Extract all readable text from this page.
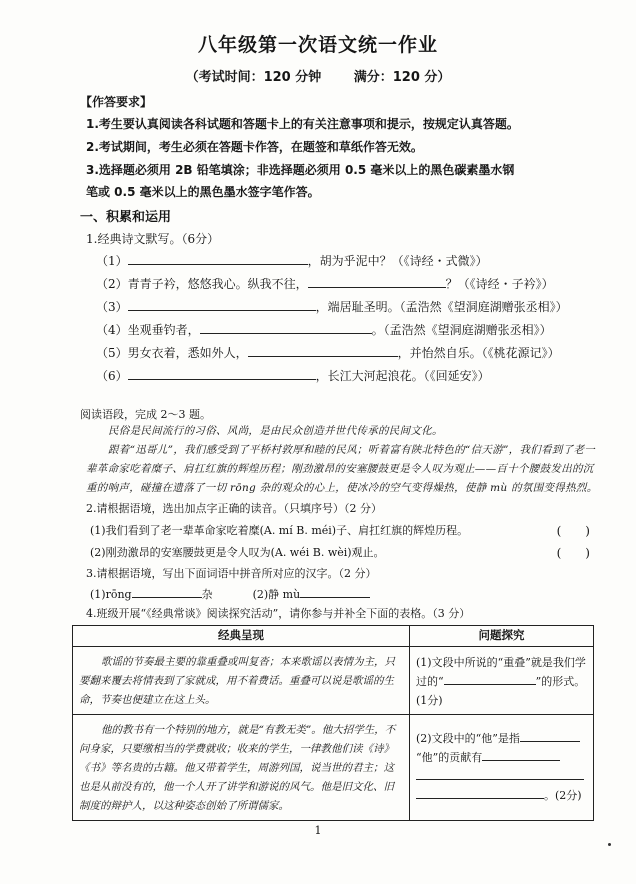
八年级第一次语文统一作业
（考试时间：120 分钟	满分：120 分）
【作答要求】
1.考生要认真阅读各科试题和答题卡上的有关注意事项和提示，按规定认真答题。
2.考试期间，考生必须在答题卡作答，在题签和草纸作答无效。
3.选择题必须用 2B 铅笔填涂；非选择题必须用 0.5 毫米以上的黑色碳素墨水钢
笔或 0.5 毫米以上的黑色墨水签字笔作答。
一、积累和运用
1.经典诗文默写。（6分）
（1）	，胡为乎泥中？（《诗经・式微》）
（2）青青子衿，悠悠我心。纵我不往，	？（《诗经・子衿》）
（3）	，端居耻圣明。（孟浩然《望洞庭湖赠张丞相》）
（4）坐观垂钓者，	。（孟浩然《望洞庭湖赠张丞相》）
（5）男女衣着，悉如外人，	，并怡然自乐。（《桃花源记》）
（6）	，长江大河起浪花。（《回延安》）
阅读语段，完成 2～3 题。

民俗是民间流行的习俗、风尚，是由民众创造并世代传承的民间文化。

跟着“迅哥儿”，我们感受到了平桥村敦厚和睦的民风；听着富有陕北特色的“信天游”，我们看到了老一辈革命家吃着糜子、肩扛红旗的辉煌历程；刚劲激昂的安塞腰鼓更是令人叹为观止——百十个腰鼓发出的沉重的响声，碰撞在遗落了一切 rōng 杂的观众的心上，使冰冷的空气变得燥热，使静 mù 的氛围变得热烈。

2.请根据语境，选出加点字正确的读音。（只填序号）（2 分）
(1)我们看到了老一辈革命家吃着糜(A. mí B. méi)子、肩扛红旗的辉煌历程。	(　　)
(2)刚劲激昂的安塞腰鼓更是令人叹为(A. wéi B. wèi)观止。	(　　)
3.请根据语境，写出下面词语中拼音所对应的汉字。（2 分）
(1)rōng	杂	(2)静 mù
4.班级开展“《经典常谈》阅读探究活动”，请你参与并补全下面的表格。（3 分）
经典呈现	问题探究

歌谣的节奏最主要的靠重叠或叫复沓；本来歌谣以表情为主，只要翻来覆去将情表到了家就成，用不着费话。重叠可以说是歌谣的生命，节奏也便建立在这上头。	(1)文段中所说的“重叠”就是我们学过的“ ”的形式。
(1分)

他的教书有一个特别的地方，就是“有教无类”。他大招学生，不问身家，只要缴相当的学费就收；收来的学生，一律教他们读《诗》《书》等名贵的古籍。他又带着学生，周游列国，说当世的君主；这也是从前没有的，他一个人开了讲学和游说的风气。他是旧文化、旧制度的辩护人，以这种姿态创始了所谓儒家。	(2)文段中的“他”是指
“他”的贡献有

。(2分)
1
